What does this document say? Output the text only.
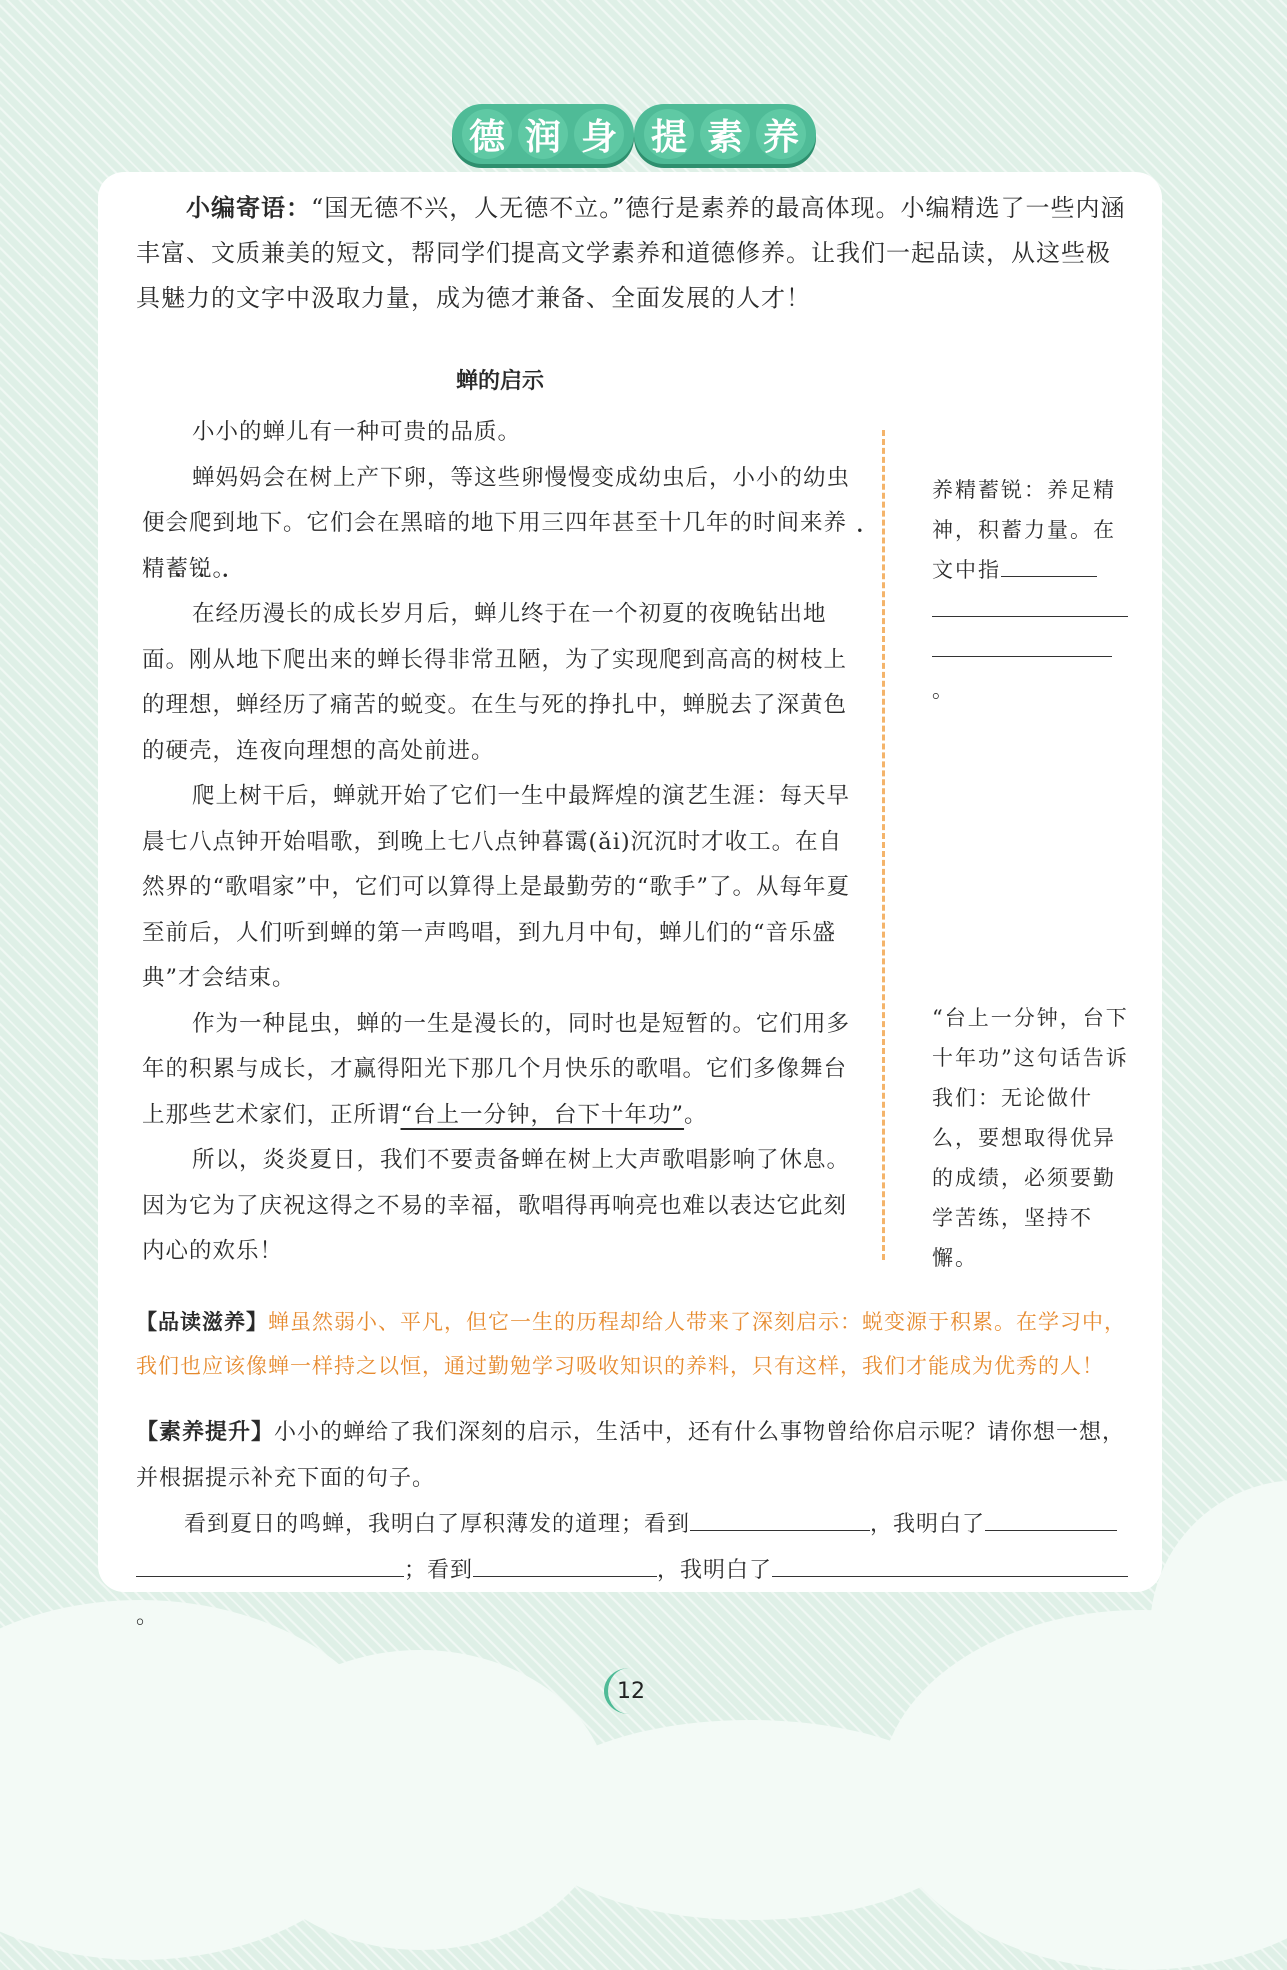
德 润 身 提 素 养
小编寄语：“国无德不兴，人无德不立。”德行是素养的最高体现。小编精选了一些内涵丰富、文质兼美的短文，帮同学们提高文学素养和道德修养。让我们一起品读，从这些极具魅力的文字中汲取力量，成为德才兼备、全面发展的人才！
蝉的启示

小小的蝉儿有一种可贵的品质。

蝉妈妈会在树上产下卵，等这些卵慢慢变成幼虫后，小小的幼虫便会爬到地下。它们会在黑暗的地下用三四年甚至十几年的时间来养精蓄锐。

在经历漫长的成长岁月后，蝉儿终于在一个初夏的夜晚钻出地面。刚从地下爬出来的蝉长得非常丑陋，为了实现爬到高高的树枝上的理想，蝉经历了痛苦的蜕变。在生与死的挣扎中，蝉脱去了深黄色的硬壳，连夜向理想的高处前进。

爬上树干后，蝉就开始了它们一生中最辉煌的演艺生涯：每天早晨七八点钟开始唱歌，到晚上七八点钟暮霭(ǎi)沉沉时才收工。在自然界的“歌唱家”中，它们可以算得上是最勤劳的“歌手”了。从每年夏至前后，人们听到蝉的第一声鸣唱，到九月中旬，蝉儿们的“音乐盛典”才会结束。

作为一种昆虫，蝉的一生是漫长的，同时也是短暂的。它们用多年的积累与成长，才赢得阳光下那几个月快乐的歌唱。它们多像舞台上那些艺术家们，正所谓“台上一分钟，台下十年功”。

所以，炎炎夏日，我们不要责备蝉在树上大声歌唱影响了休息。因为它为了庆祝这得之不易的幸福，歌唱得再响亮也难以表达它此刻内心的欢乐！

养精蓄锐：养足精神，积蓄力量。在文中指

。
“台上一分钟，台下十年功”这句话告诉我们：无论做什么，要想取得优异的成绩，必须要勤学苦练，坚持不懈。
【品读滋养】蝉虽然弱小、平凡，但它一生的历程却给人带来了深刻启示：蜕变源于积累。在学习中，我们也应该像蝉一样持之以恒，通过勤勉学习吸收知识的养料，只有这样，我们才能成为优秀的人！
【素养提升】小小的蝉给了我们深刻的启示，生活中，还有什么事物曾给你启示呢？请你想一想，并根据提示补充下面的句子。
看到夏日的鸣蝉，我明白了厚积薄发的道理；看到	，我明白了
；看到	，我明白了。
12
